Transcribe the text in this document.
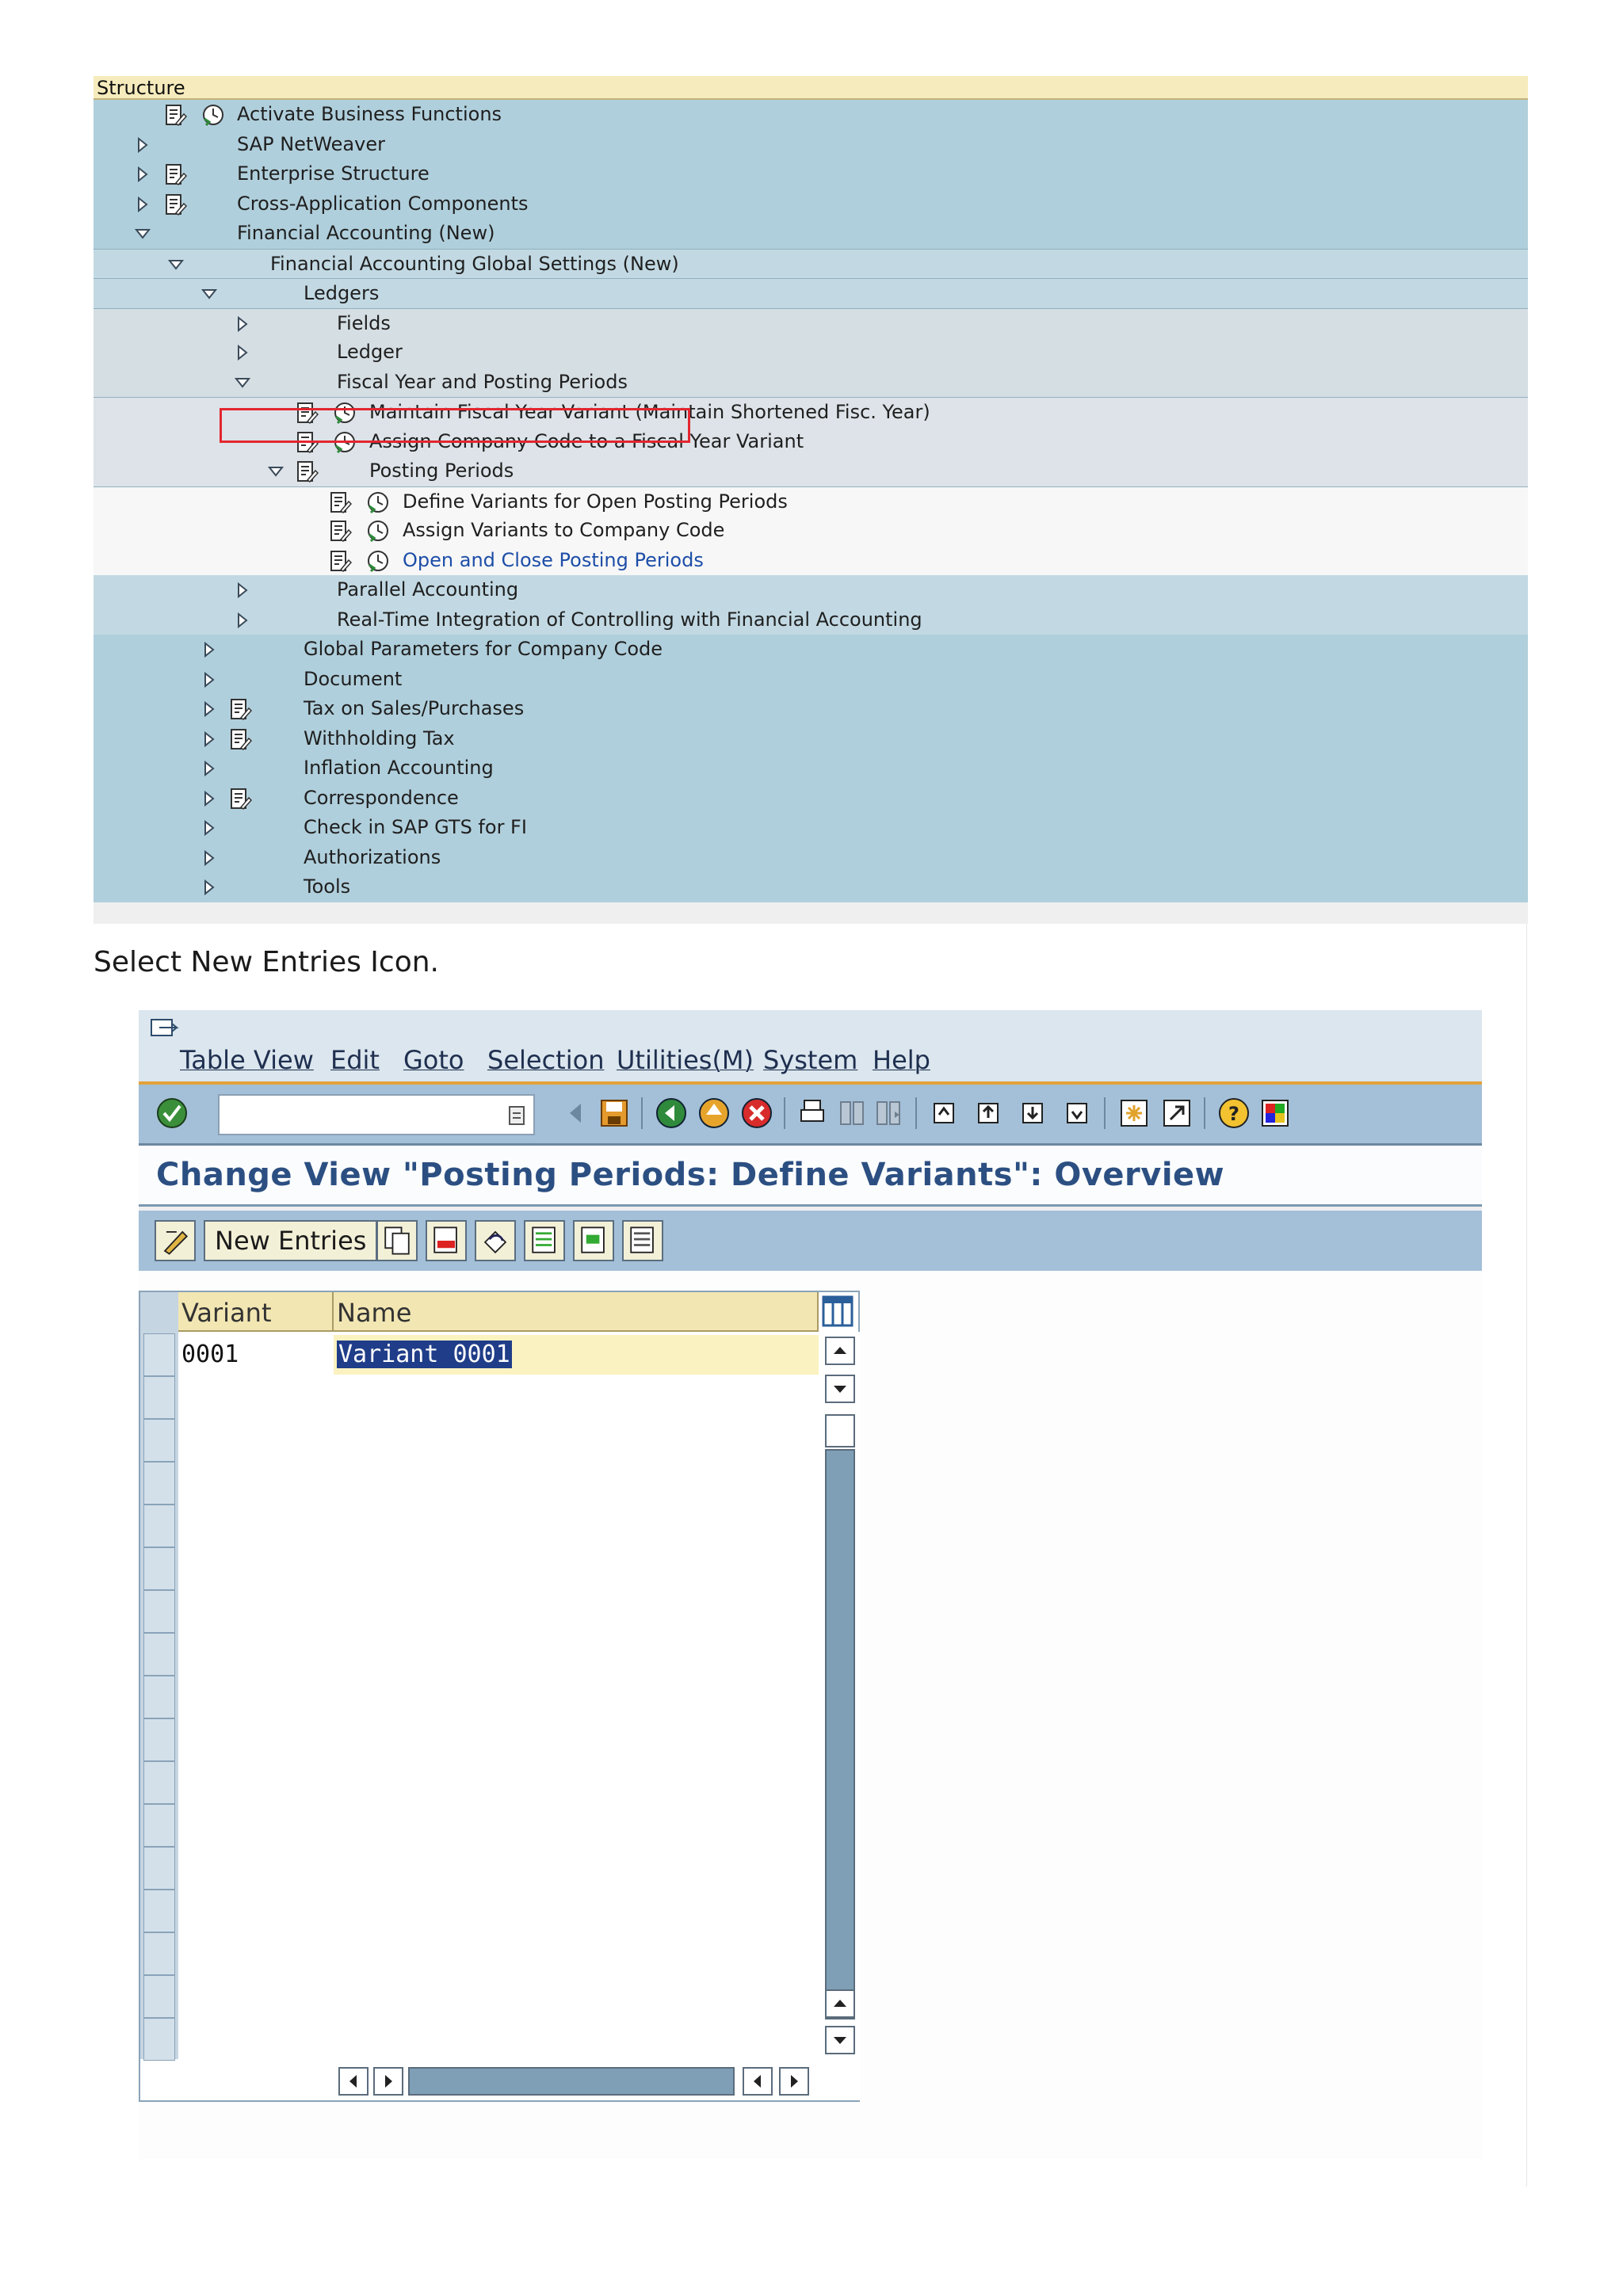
Structure
Activate Business Functions
SAP NetWeaver
Enterprise Structure
Cross-Application Components
Financial Accounting (New)
Financial Accounting Global Settings (New)
Ledgers
Fields
Ledger
Fiscal Year and Posting Periods
Maintain Fiscal Year Variant (Maintain Shortened Fisc. Year)
Assign Company Code to a Fiscal Year Variant
Posting Periods
Define Variants for Open Posting Periods
Assign Variants to Company Code
Open and Close Posting Periods
Parallel Accounting
Real-Time Integration of Controlling with Financial Accounting
Global Parameters for Company Code
Document
Tax on Sales/Purchases
Withholding Tax
Inflation Accounting
Correspondence
Check in SAP GTS for FI
Authorizations
Tools
Select New Entries Icon.
Table View Edit Goto Selection Utilities(M) System Help
?
Change View "Posting Periods: Define Variants": Overview
New Entries
Variant	Name
0001	Variant 0001
